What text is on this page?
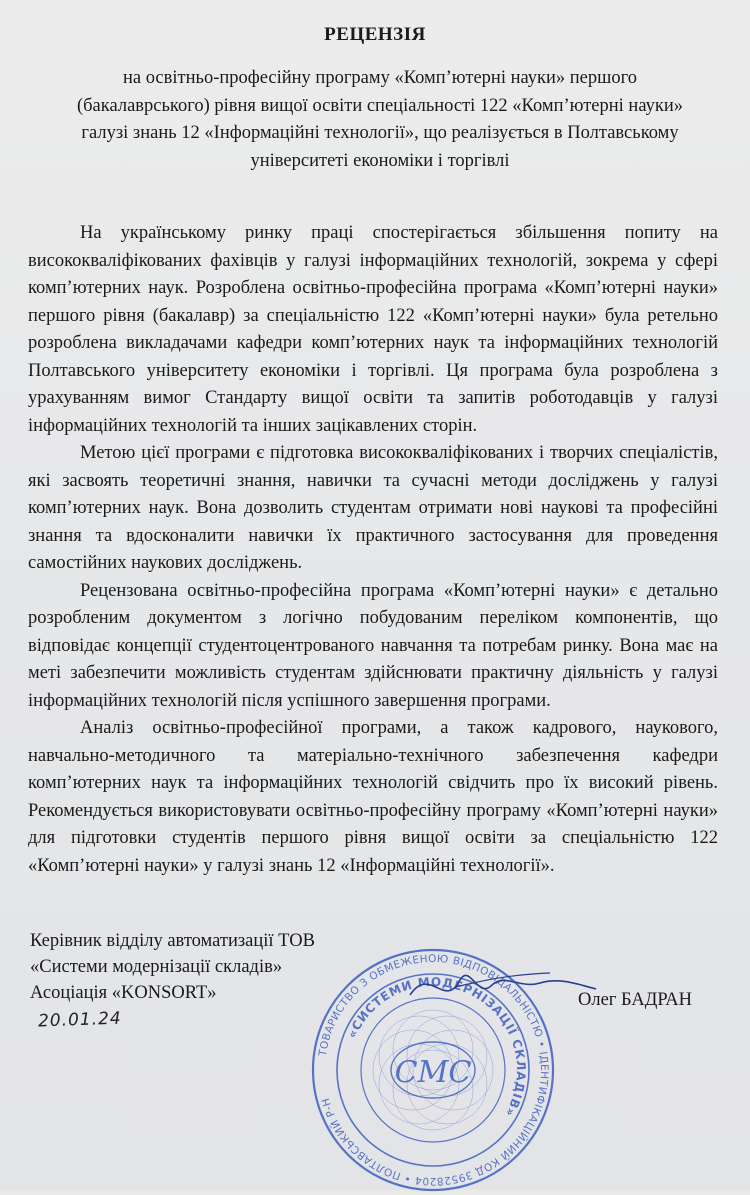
РЕЦЕНЗІЯ
на освітньо-професійну програму «Комп’ютерні науки» першого
(бакалаврського) рівня вищої освіти спеціальності 122 «Комп’ютерні науки»
галузі знань 12 «Інформаційні технології», що реалізується в Полтавському
університеті економіки і торгівлі

На українському ринку праці спостерігається збільшення попиту на висококваліфікованих фахівців у галузі інформаційних технологій, зокрема у сфері комп’ютерних наук. Розроблена освітньо-професійна програма «Комп’ютерні науки» першого рівня (бакалавр) за спеціальністю 122 «Комп’ютерні науки» була ретельно розроблена викладачами кафедри комп’ютерних наук та інформаційних технологій Полтавського університету економіки і торгівлі. Ця програма була розроблена з урахуванням вимог Стандарту вищої освіти та запитів роботодавців у галузі інформаційних технологій та інших зацікавлених сторін.

Метою цієї програми є підготовка висококваліфікованих і творчих спеціалістів, які засвоять теоретичні знання, навички та сучасні методи досліджень у галузі комп’ютерних наук. Вона дозволить студентам отримати нові наукові та професійні знання та вдосконалити навички їх практичного застосування для проведення самостійних наукових досліджень.

Рецензована освітньо-професійна програма «Комп’ютерні науки» є детально розробленим документом з логічно побудованим переліком компонентів, що відповідає концепції студентоцентрованого навчання та потребам ринку. Вона має на меті забезпечити можливість студентам здійснювати практичну діяльність у галузі інформаційних технологій після успішного завершення програми.

Аналіз освітньо-професійної програми, а також кадрового, наукового, навчально-методичного та матеріально-технічного забезпечення кафедри комп’ютерних наук та інформаційних технологій свідчить про їх високий рівень. Рекомендується використовувати освітньо-професійну програму «Комп’ютерні науки» для підготовки студентів першого рівня вищої освіти за спеціальністю 122 «Комп’ютерні науки» у галузі знань 12 «Інформаційні технології».

Керівник відділу автоматизації ТОВ
«Системи модернізації складів»
Асоціація «KONSORT»
20.01.24
ТОВАРИСТВО З ОБМЕЖЕНОЮ ВІДПОВІДАЛЬНІСТЮ • ІДЕНТИФІКАЦІЙНИЙ КОД 39528204 • ПОЛТАВСЬКИЙ Р-Н
«СИСТЕМИ МОДЕРНІЗАЦІЇ СКЛАДІВ»
СМС
Олег БАДРАН
